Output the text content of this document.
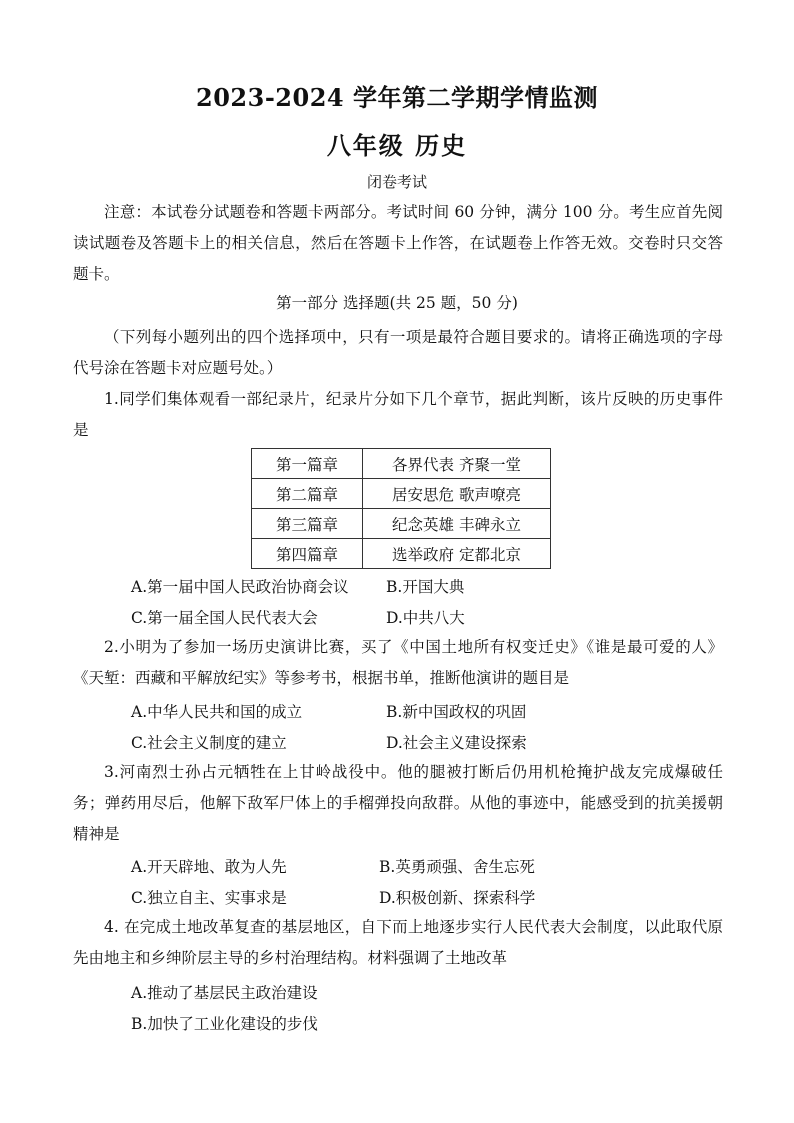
2023-2024 学年第二学期学情监测
八年级 历史
闭卷考试
注意：本试卷分试题卷和答题卡两部分。考试时间 60 分钟，满分 100 分。考生应首先阅读试题卷及答题卡上的相关信息，然后在答题卡上作答，在试题卷上作答无效。交卷时只交答题卡。
第一部分 选择题(共 25 题，50 分)
（下列每小题列出的四个选择项中，只有一项是最符合题目要求的。请将正确选项的字母代号涂在答题卡对应题号处。）
1.同学们集体观看一部纪录片，纪录片分如下几个章节，据此判断，该片反映的历史事件是
第一篇章	各界代表 齐聚一堂
第二篇章	居安思危 歌声嘹亮
第三篇章	纪念英雄 丰碑永立
第四篇章	选举政府 定都北京
A.第一届中国人民政治协商会议 B.开国大典
C.第一届全国人民代表大会	D.中共八大
2.小明为了参加一场历史演讲比赛，买了《中国土地所有权变迁史》《谁是最可爱的人》《天堑：西藏和平解放纪实》等参考书，根据书单，推断他演讲的题目是
A.中华人民共和国的成立	B.新中国政权的巩固
C.社会主义制度的建立	D.社会主义建设探索
3.河南烈士孙占元牺牲在上甘岭战役中。他的腿被打断后仍用机枪掩护战友完成爆破任务；弹药用尽后，他解下敌军尸体上的手榴弹投向敌群。从他的事迹中，能感受到的抗美援朝精神是
A.开天辟地、敢为人先	B.英勇顽强、舍生忘死
C.独立自主、实事求是	D.积极创新、探索科学
4. 在完成土地改革复查的基层地区，自下而上地逐步实行人民代表大会制度，以此取代原先由地主和乡绅阶层主导的乡村治理结构。材料强调了土地改革
A.推动了基层民主政治建设
B.加快了工业化建设的步伐
